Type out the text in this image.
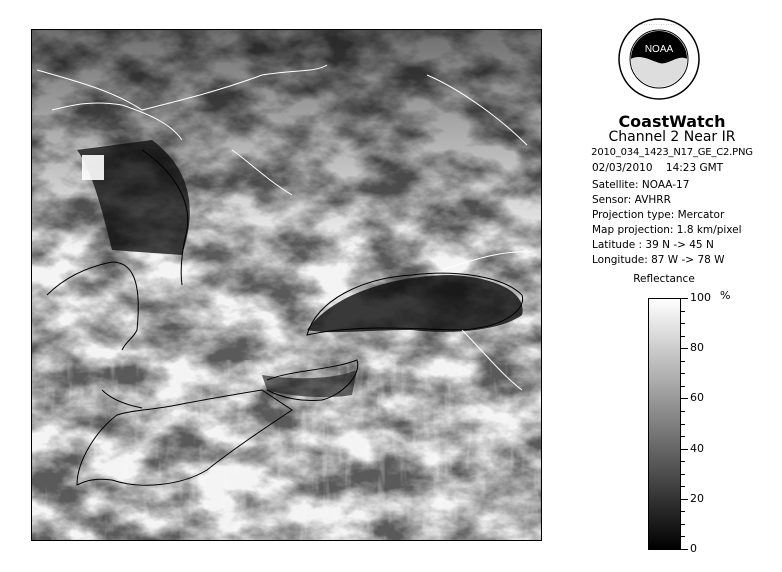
NOAA
· · · · · · · · · · · · · · ·
CoastWatch
Channel 2 Near IR
2010_034_1423_N17_GE_C2.PNG
02/03/2010 14:23 GMT
Satellite: NOAA-17
Sensor: AVHRR
Projection type: Mercator
Map projection: 1.8 km/pixel
Latitude : 39 N -> 45 N
Longitude: 87 W -> 78 W
Reflectance
%
100
80
60
40
20
0
